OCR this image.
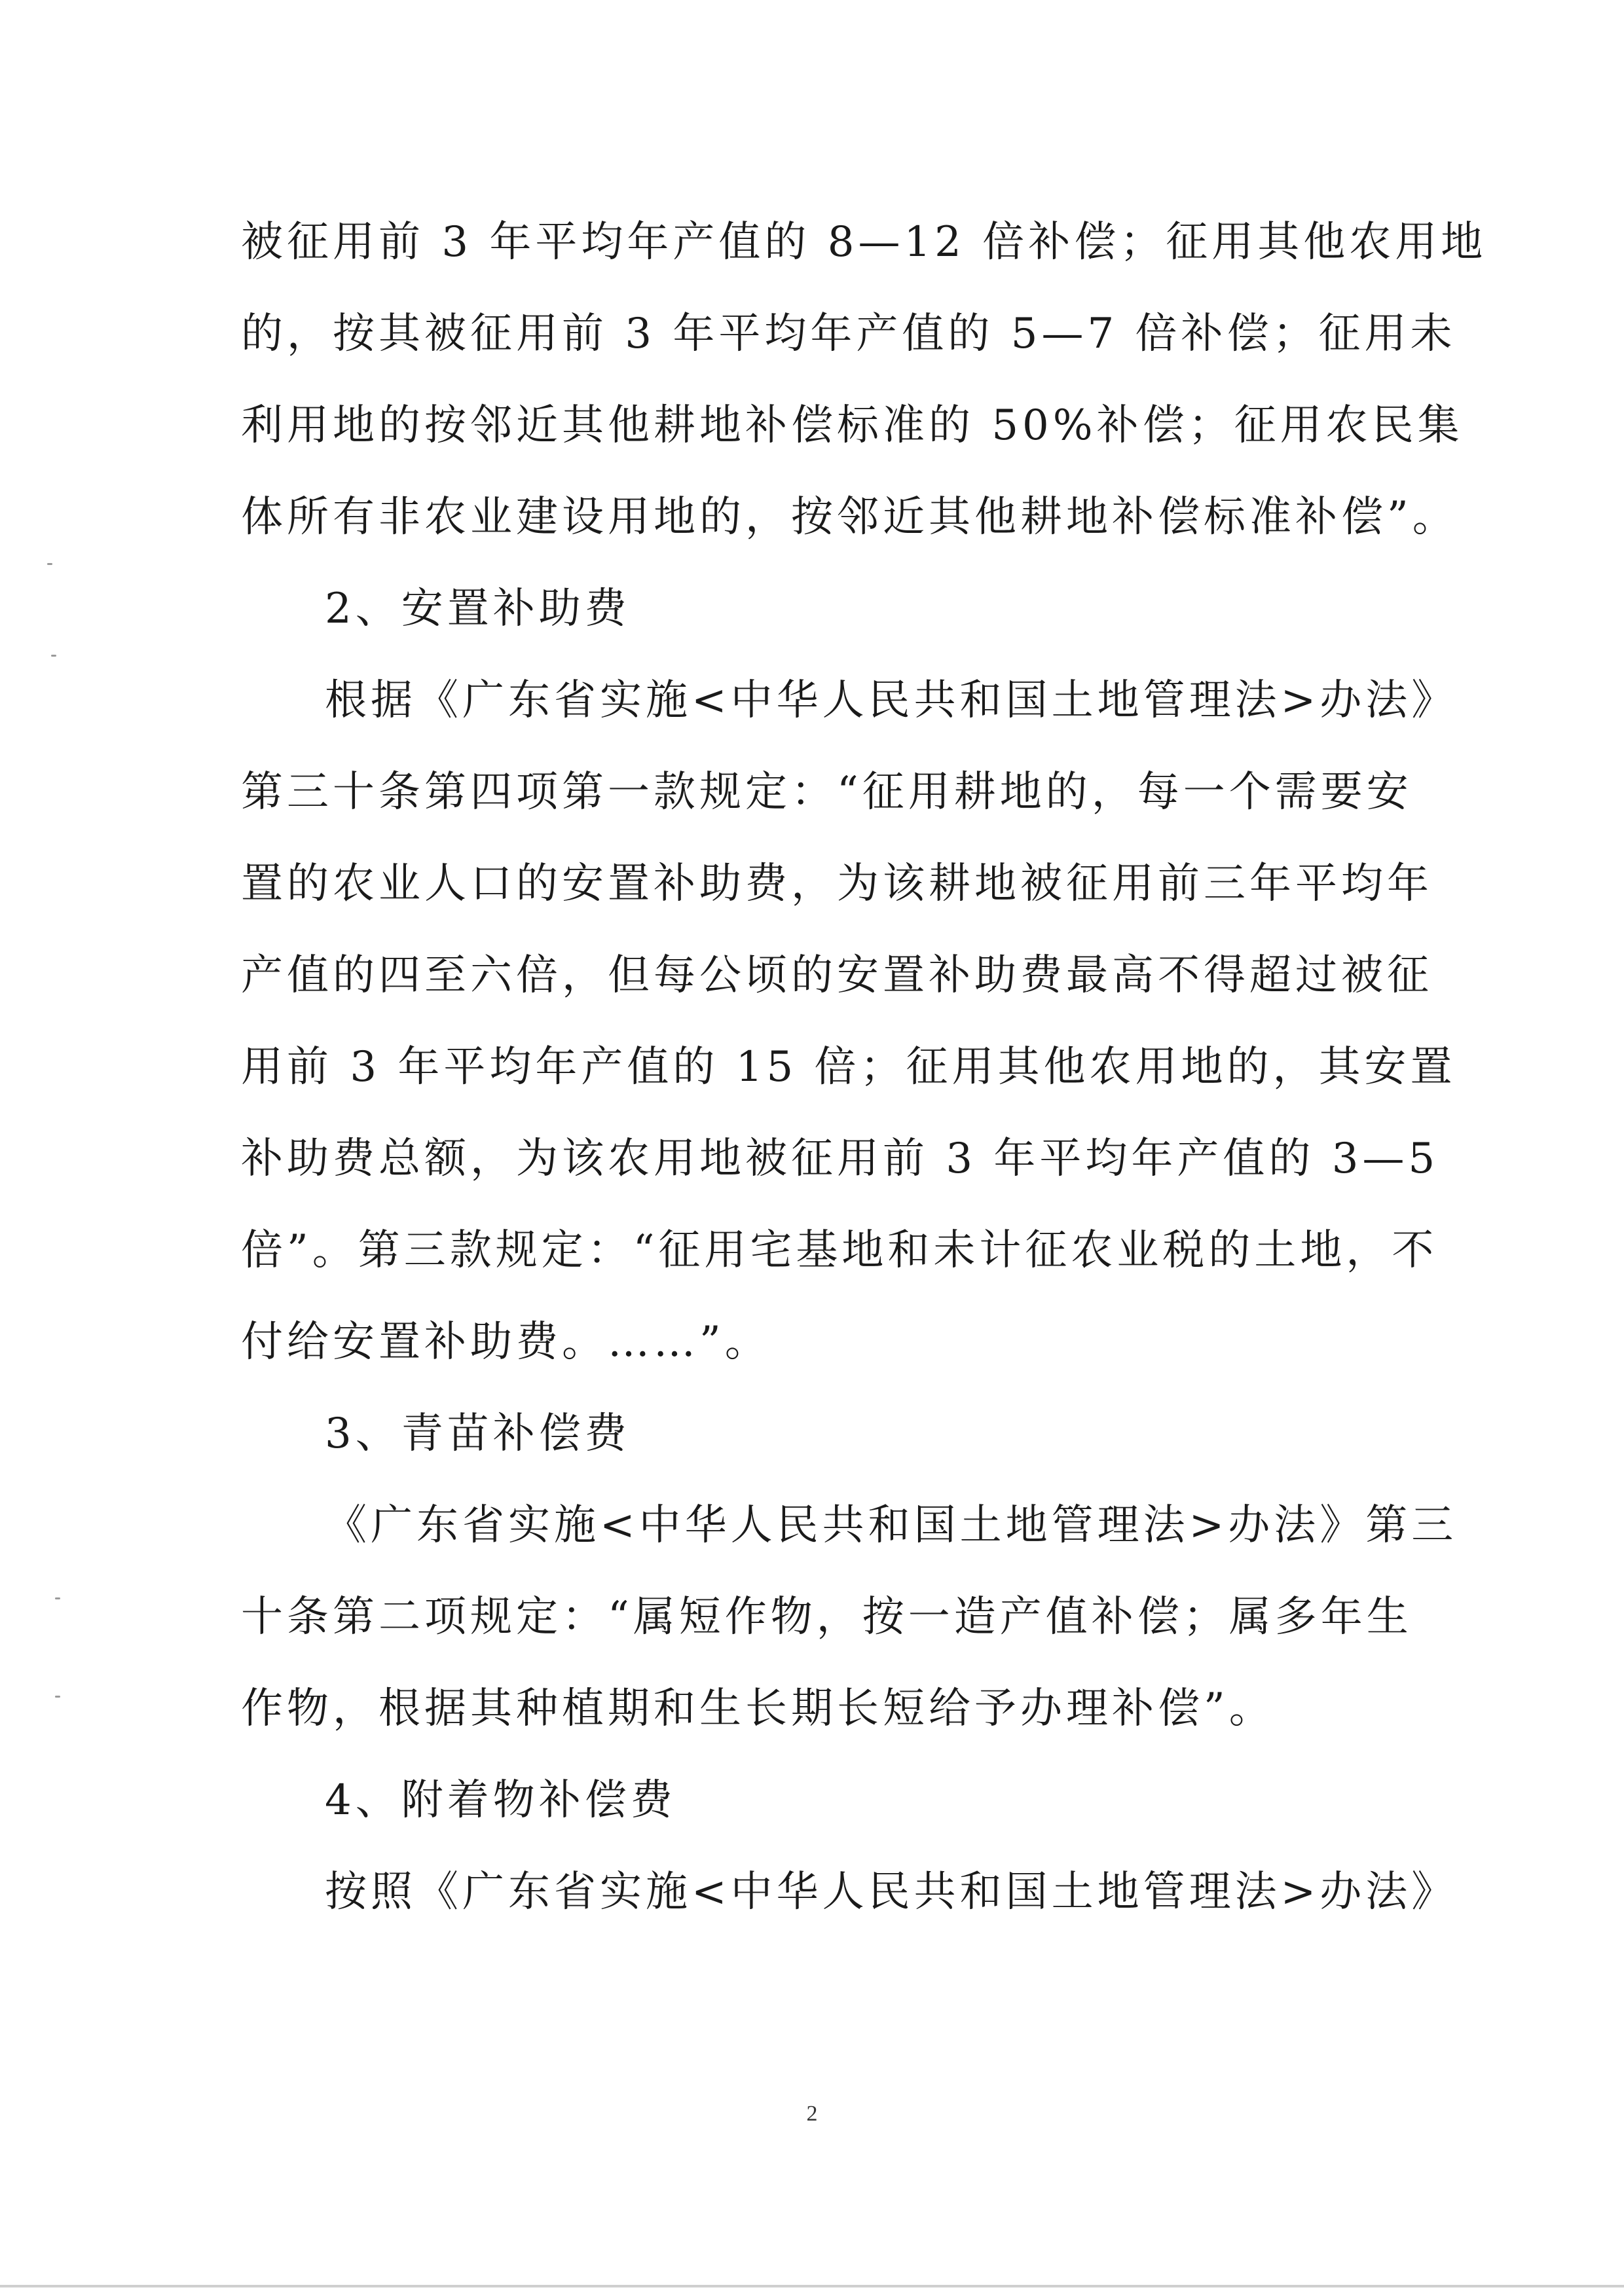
被征用前 3 年平均年产值的 8—12 倍补偿；征用其他农用地
的，按其被征用前 3 年平均年产值的 5—7 倍补偿；征用未
利用地的按邻近其他耕地补偿标准的 50%补偿；征用农民集
体所有非农业建设用地的，按邻近其他耕地补偿标准补偿”。
2、安置补助费
根据《广东省实施<中华人民共和国土地管理法>办法》
第三十条第四项第一款规定：“征用耕地的，每一个需要安
置的农业人口的安置补助费，为该耕地被征用前三年平均年
产值的四至六倍，但每公顷的安置补助费最高不得超过被征
用前 3 年平均年产值的 15 倍；征用其他农用地的，其安置
补助费总额，为该农用地被征用前 3 年平均年产值的 3—5
倍”。第三款规定：“征用宅基地和未计征农业税的土地，不
付给安置补助费。……”。
3、青苗补偿费
《广东省实施<中华人民共和国土地管理法>办法》第三
十条第二项规定：“属短作物，按一造产值补偿；属多年生
作物，根据其种植期和生长期长短给予办理补偿”。
4、附着物补偿费
按照《广东省实施<中华人民共和国土地管理法>办法》
2
